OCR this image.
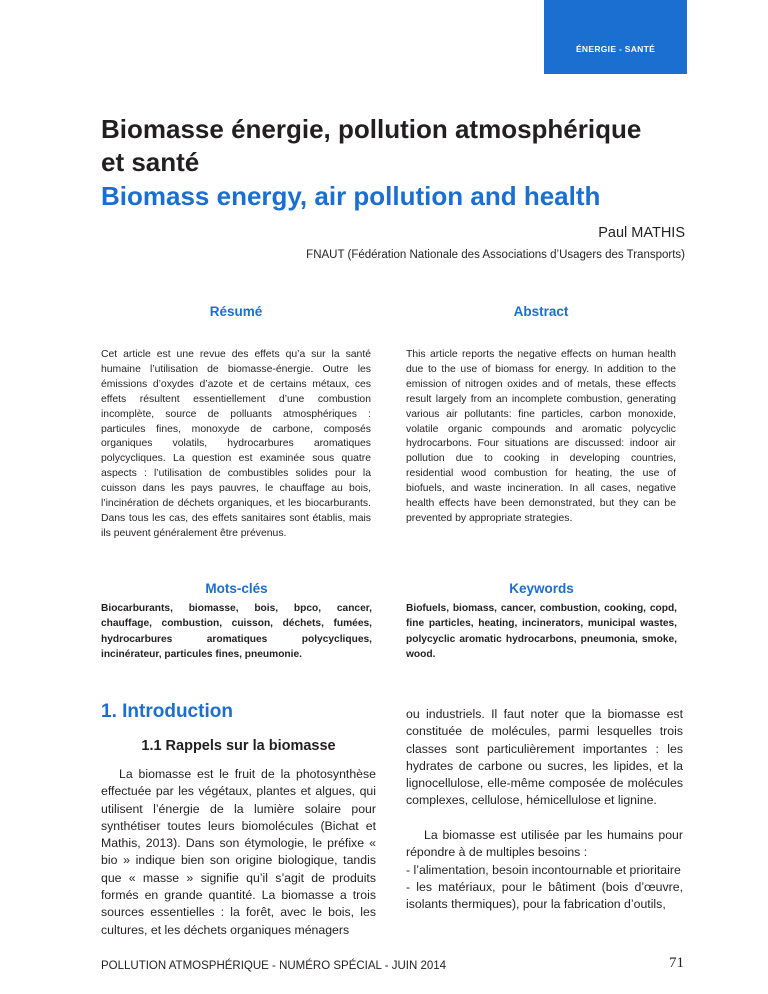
ÉNERGIE - SANTÉ
Biomasse énergie, pollution atmosphérique
et santé
Biomass energy, air pollution and health
Paul MATHIS
FNAUT (Fédération Nationale des Associations d’Usagers des Transports)
Résumé

Cet article est une revue des effets qu’a sur la santé humaine l’utilisation de biomasse-énergie. Outre les émissions d’oxydes d’azote et de certains métaux, ces effets résultent essentiellement d’une combustion incomplète, source de polluants atmosphériques : particules fines, monoxyde de carbone, composés organiques volatils, hydrocarbures aromatiques polycycliques. La question est examinée sous quatre aspects : l’utilisation de combustibles solides pour la cuisson dans les pays pauvres, le chauffage au bois, l’incinération de déchets organiques, et les biocarburants. Dans tous les cas, des effets sanitaires sont établis, mais ils peuvent généralement être prévenus.

Abstract

This article reports the negative effects on human health due to the use of biomass for energy. In addition to the emission of nitrogen oxides and of metals, these effects result largely from an incomplete combustion, generating various air pollutants: fine particles, carbon monoxide, volatile organic compounds and aromatic polycyclic hydrocarbons. Four situations are discussed: indoor air pollution due to cooking in developing countries, residential wood combustion for heating, the use of biofuels, and waste incineration. In all cases, negative health effects have been demonstrated, but they can be prevented by appropriate strategies.

Mots-clés

Biocarburants, biomasse, bois, bpco, cancer, chauffage, combustion, cuisson, déchets, fumées, hydrocarbures aromatiques polycycliques, incinérateur, particules fines, pneumonie.

Keywords

Biofuels, biomass, cancer, combustion, cooking, copd, fine particles, heating, incinerators, municipal wastes, polycyclic aromatic hydrocarbons, pneumonia, smoke, wood.

1. Introduction
1.1 Rappels sur la biomasse

La biomasse est le fruit de la photosynthèse effectuée par les végétaux, plantes et algues, qui utilisent l’énergie de la lumière solaire pour synthétiser toutes leurs biomolécules (Bichat et Mathis, 2013). Dans son étymologie, le préfixe « bio » indique bien son origine biologique, tandis que « masse » signifie qu’il s’agit de produits formés en grande quantité. La biomasse a trois sources essentielles : la forêt, avec le bois, les cultures, et les déchets organiques ménagers

ou industriels. Il faut noter que la biomasse est constituée de molécules, parmi lesquelles trois classes sont particulièrement importantes : les hydrates de carbone ou sucres, les lipides, et la lignocellulose, elle-même composée de molécules complexes, cellulose, hémicellulose et lignine.

La biomasse est utilisée par les humains pour répondre à de multiples besoins :

- l’alimentation, besoin incontournable et prioritaire

- les matériaux, pour le bâtiment (bois d’œuvre, isolants thermiques), pour la fabrication d’outils,

POLLUTION ATMOSPHÉRIQUE - NUMÉRO SPÉCIAL - JUIN 2014	71
